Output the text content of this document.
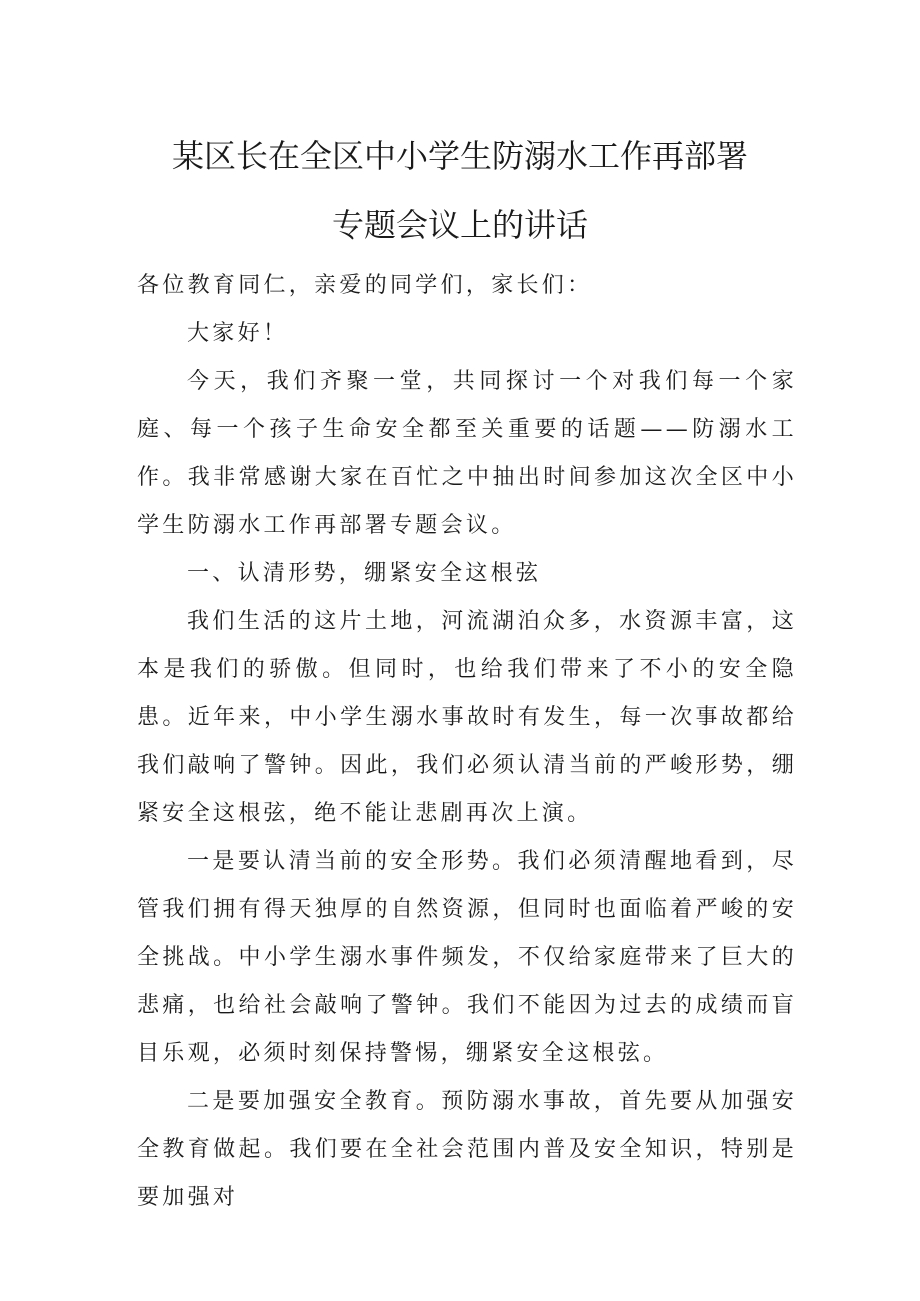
某区长在全区中小学生防溺水工作再部署
专题会议上的讲话

各位教育同仁，亲爱的同学们，家长们：

大家好！

今天，我们齐聚一堂，共同探讨一个对我们每一个家庭、每一个孩子生命安全都至关重要的话题——防溺水工作。我非常感谢大家在百忙之中抽出时间参加这次全区中小学生防溺水工作再部署专题会议。

一、认清形势，绷紧安全这根弦

我们生活的这片土地，河流湖泊众多，水资源丰富，这本是我们的骄傲。但同时，也给我们带来了不小的安全隐患。近年来，中小学生溺水事故时有发生，每一次事故都给我们敲响了警钟。因此，我们必须认清当前的严峻形势，绷紧安全这根弦，绝不能让悲剧再次上演。

一是要认清当前的安全形势。我们必须清醒地看到，尽管我们拥有得天独厚的自然资源，但同时也面临着严峻的安全挑战。中小学生溺水事件频发，不仅给家庭带来了巨大的悲痛，也给社会敲响了警钟。我们不能因为过去的成绩而盲目乐观，必须时刻保持警惕，绷紧安全这根弦。

二是要加强安全教育。预防溺水事故，首先要从加强安全教育做起。我们要在全社会范围内普及安全知识，特别是要加强对
